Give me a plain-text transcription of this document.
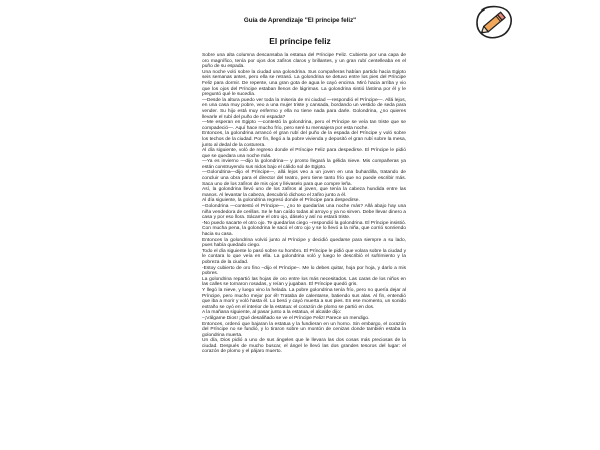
Guía de Aprendizaje "El príncipe feliz"
El príncipe feliz

Sobre una alta columna descansaba la estatua del Príncipe Feliz. Cubierta por una capa de oro magnífico, tenía por ojos dos zafiros claros y brillantes, y un gran rubí centelleaba en el puño de su espada.

Una noche voló sobre la ciudad una golondrina. Sus compañeras habían partido hacia Egipto seis semanas antes, pero ella se retrasó. La golondrina se detuvo entre los pies del Príncipe Feliz para dormir. De repente, una gran gota de agua le cayó encima. Miró hacia arriba y vio que los ojos del Príncipe estaban llenos de lágrimas. La golondrina sintió lástima por él y le preguntó qué le sucedía.

—Desde la altura puedo ver toda la miseria de mi ciudad —respondió el Príncipe—. Allá lejos, en una casa muy pobre, veo a una mujer triste y cansada, bordando un vestido de seda para vender. Su hijo está muy enfermo y ella no tiene nada para darle. Golondrina, ¿no quieres llevarle el rubí del puño de mi espada?

—Me esperan en Egipto —contestó la golondrina, pero el Príncipe se veía tan triste que se compadeció—. Aquí hace mucho frío, pero seré tu mensajera por esta noche.

Entonces, la golondrina arrancó el gran rubí del puño de la espada del Príncipe y voló sobre los techos de la ciudad. Por fin, llegó a la pobre vivienda y depositó el gran rubí sobre la mesa, junto al dedal de la costurera.

Al día siguiente, voló de regreso donde el Príncipe Feliz para despedirse. El Príncipe le pidió que se quedara una noche más.

—Ya es invierno —dijo la golondrina— y pronto llegará la gélida nieve. Mis compañeras ya están construyendo sus nidos bajo el cálido sol de Egipto.

—Golondrina—dijo el Príncipe—, allá lejos veo a un joven en una buhardilla, tratando de concluir una obra para el director del teatro, pero tiene tanto frío que no puede escribir más. Saca uno de los zafiros de mis ojos y llévaselo para que compre leña.

Así, la golondrina llevó uno de los zafiros al joven, que tenía la cabeza hundida entre las manos. Al levantar la cabeza, descubrió dichoso el zafiro junto a él.

Al día siguiente, la golondrina regresó donde el Príncipe para despedirse.

–Golondrina —contestó el Príncipe—, ¿no te quedarías una noche más? Allá abajo hay una niña vendedora de cerillas. Se le han caído todas al arroyo y ya no sirven. Debe llevar dinero a casa y por eso llora. Sácame el otro ojo, dáselo y así no estará triste.

-No puedo sacarte el otro ojo. Te quedarías ciego –respondió la golondrina. El Príncipe insistió. Con mucha pena, la golondrina le sacó el otro ojo y se lo llevó a la niña, que corrió sonriendo hacia su casa.

Entonces la golondrina volvió junto al Príncipe y decidió quedarse para siempre a su lado, pues había quedado ciego.

Todo el día siguiente lo pasó sobre su hombro. El Príncipe le pidió que volara sobre la ciudad y le contara lo que veía en ella. La golondrina voló y luego le describió el sufrimiento y la pobreza de la ciudad.

-Estoy cubierto de oro fino –dijo el Príncipe–. Me lo debes quitar, hoja por hoja, y darlo a mis pobres.

La golondrina repartió las hojas de oro entre los más necesitados. Las caras de los niños en las calles se tornaron rosadas, y reían y jugaban. El Príncipe quedó gris.

Y llegó la nieve, y luego vino la helada. La pobre golondrina tenía frío, pero no quería dejar al Príncipe, pero mucho mejor por él! Trataba de calentarse, batiendo sus alas. Al fin, entendió que iba a morir y voló hasta él. Lo besó y cayó muerta a sus pies. En ese momento, un sonido extraño se oyó en el interior de la estatua: el corazón de plomo se partió en dos.

A la mañana siguiente, al pasar junto a la estatua, el alcalde dijo:

–¡Válgame Dios! ¡Qué desaliñado se ve el Príncipe Feliz! Parece un mendigo.

Entonces, ordenó que bajaran la estatua y la fundieran en un horno. Sin embargo, el corazón del Príncipe no se fundió, y lo tiraron sobre un montón de cenizas donde también estaba la golondrina muerta.

Un día, Dios pidió a uno de sus ángeles que le llevara las dos cosas más preciosas de la ciudad. Después de mucho buscar, el ángel le llevó las dos grandes tesoros del lugar: el corazón de plomo y el pájaro muerto.
